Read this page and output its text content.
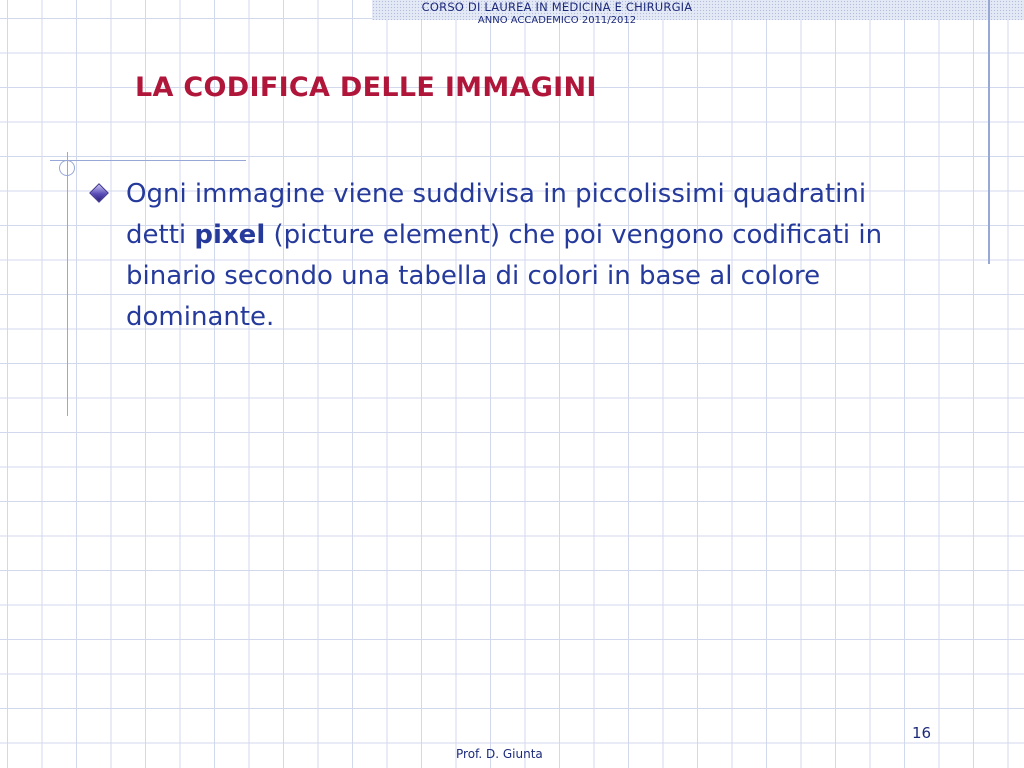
CORSO DI LAUREA IN MEDICINA E CHIRURGIA
ANNO ACCADEMICO 2011/2012
LA CODIFICA DELLE IMMAGINI
Ogni immagine viene suddivisa in piccolissimi quadratini detti pixel (picture element) che poi vengono codificati in binario secondo una tabella di colori in base al colore dominante.
16
Prof. D. Giunta
